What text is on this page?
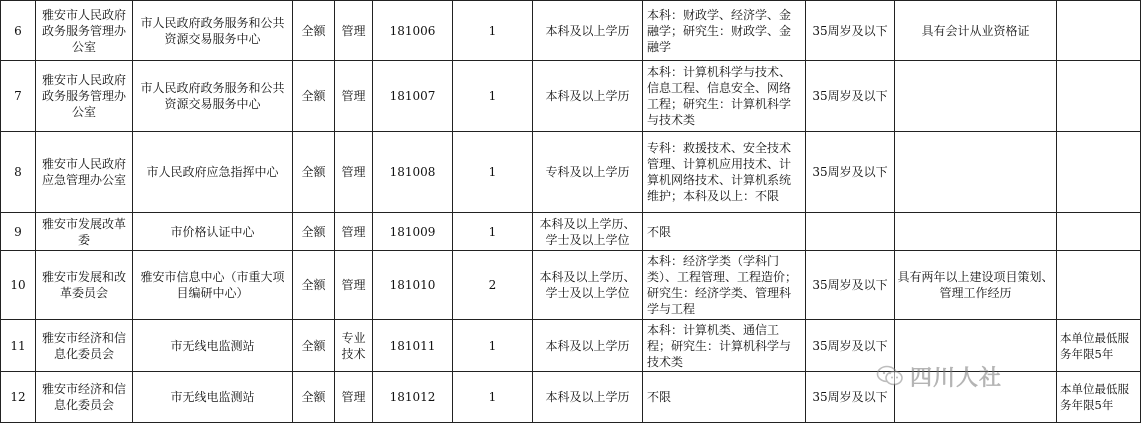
6	雅安市人民政府政务服务管理办公室	市人民政府政务服务和公共资源交易服务中心	全额	管理	181006	1	本科及以上学历	本科：财政学、经济学、金融学；研究生：财政学、金融学	35周岁及以下	具有会计从业资格证	
7	雅安市人民政府政务服务管理办公室	市人民政府政务服务和公共资源交易服务中心	全额	管理	181007	1	本科及以上学历	本科：计算机科学与技术、信息工程、信息安全、网络工程；研究生：计算机科学与技术类	35周岁及以下		
8	雅安市人民政府应急管理办公室	市人民政府应急指挥中心	全额	管理	181008	1	专科及以上学历	专科：救援技术、安全技术管理、计算机应用技术、计算机网络技术、计算机系统维护；本科及以上：不限	35周岁及以下		
9	雅安市发展改革委	市价格认证中心	全额	管理	181009	1	本科及以上学历、学士及以上学位	不限			
10	雅安市发展和改革委员会	雅安市信息中心（市重大项目编研中心）	全额	管理	181010	2	本科及以上学历、学士及以上学位	本科：经济学类（学科门类）、工程管理、工程造价；研究生：经济学类、管理科学与工程	35周岁及以下	具有两年以上建设项目策划、管理工作经历	
11	雅安市经济和信息化委员会	市无线电监测站	全额	专业技术	181011	1	本科及以上学历	本科：计算机类、通信工程；研究生：计算机科学与技术类	35周岁及以下		本单位最低服务年限5年
12	雅安市经济和信息化委员会	市无线电监测站	全额	管理	181012	1	本科及以上学历	不限	35周岁及以下		本单位最低服务年限5年
四川人社
